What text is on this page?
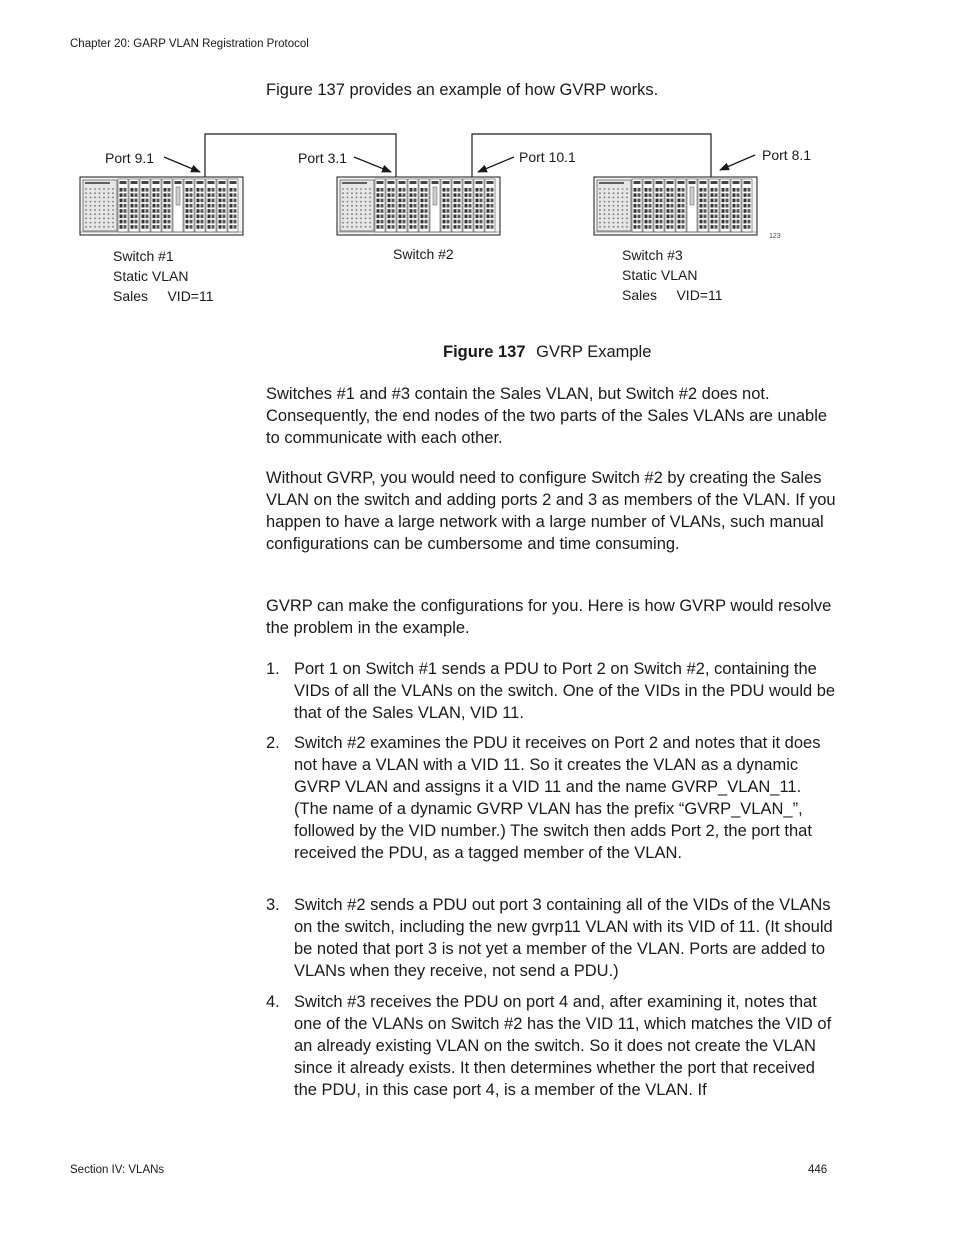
Chapter 20: GARP VLAN Registration Protocol
Figure 137 provides an example of how GVRP works.
Port 9.1	Port 3.1	Port 10.1	Port 8.1
Switch #1
Static VLAN
Sales     VID=11
Switch #2	Switch #3
Static VLAN
Sales     VID=11
123
Figure 137 GVRP Example

Switches #1 and #3 contain the Sales VLAN, but Switch #2 does not. Consequently, the end nodes of the two parts of the Sales VLANs are unable to communicate with each other.

Without GVRP, you would need to configure Switch #2 by creating the Sales VLAN on the switch and adding ports 2 and 3 as members of the VLAN. If you happen to have a large network with a large number of VLANs, such manual configurations can be cumbersome and time consuming.

GVRP can make the configurations for you. Here is how GVRP would resolve the problem in the example.

1. Port 1 on Switch #1 sends a PDU to Port 2 on Switch #2, containing the VIDs of all the VLANs on the switch. One of the VIDs in the PDU would be that of the Sales VLAN, VID 11.
2. Switch #2 examines the PDU it receives on Port 2 and notes that it does not have a VLAN with a VID 11. So it creates the VLAN as a dynamic GVRP VLAN and assigns it a VID 11 and the name GVRP_VLAN_11. (The name of a dynamic GVRP VLAN has the prefix “GVRP_VLAN_”, followed by the VID number.) The switch then adds Port 2, the port that received the PDU, as a tagged member of the VLAN.
3. Switch #2 sends a PDU out port 3 containing all of the VIDs of the VLANs on the switch, including the new gvrp11 VLAN with its VID of 11. (It should be noted that port 3 is not yet a member of the VLAN. Ports are added to VLANs when they receive, not send a PDU.)
4. Switch #3 receives the PDU on port 4 and, after examining it, notes that one of the VLANs on Switch #2 has the VID 11, which matches the VID of an already existing VLAN on the switch. So it does not create the VLAN since it already exists. It then determines whether the port that received the PDU, in this case port 4, is a member of the VLAN. If
Section IV: VLANs	446
